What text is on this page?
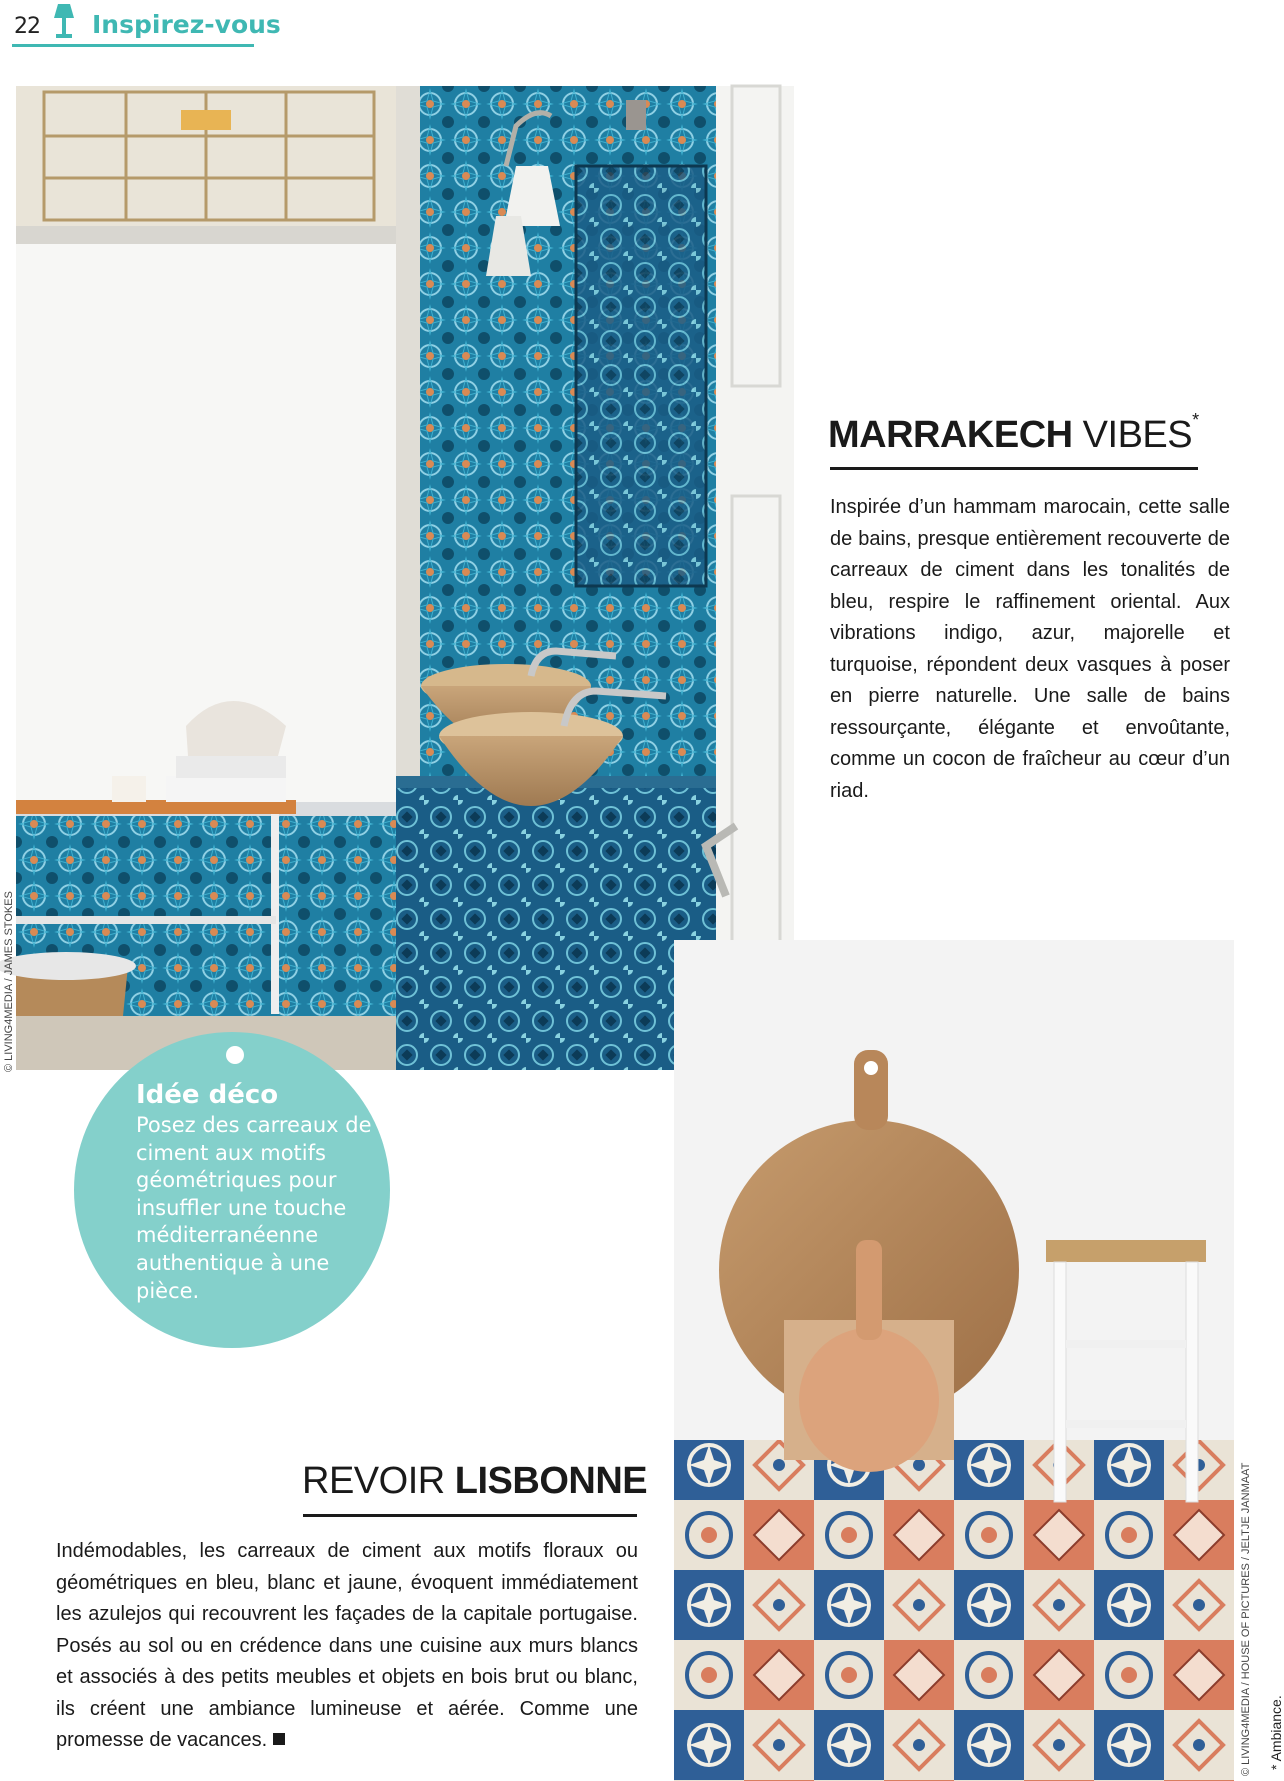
22 Inspirez-vous
© LIVING4MEDIA / JAMES STOKES
MARRAKECH VIBES*
Inspirée d’un hammam marocain, cette salle de bains, presque entièrement recouverte de carreaux de ciment dans les tonalités de bleu, respire le raffinement oriental. Aux vibrations indigo, azur, majorelle et turquoise, répondent deux vasques à poser en pierre naturelle. Une salle de bains ressourçante, élégante et envoûtante, comme un cocon de fraîcheur au cœur d’un riad.
© LIVING4MEDIA / HOUSE OF PICTURES / JELTJE JANMAAT
Idée déco
Posez des carreaux de ciment aux motifs géométriques pour insuffler une touche méditerranéenne authentique à une pièce.
REVOIR LISBONNE
Indémodables, les carreaux de ciment aux motifs floraux ou géométriques en bleu, blanc et jaune, évoquent immédiatement les azulejos qui recouvrent les façades de la capitale portugaise. Posés au sol ou en crédence dans une cuisine aux murs blancs et associés à des petits meubles et objets en bois brut ou blanc, ils créent une ambiance lumineuse et aérée. Comme une promesse de vacances.	* Ambiance.
